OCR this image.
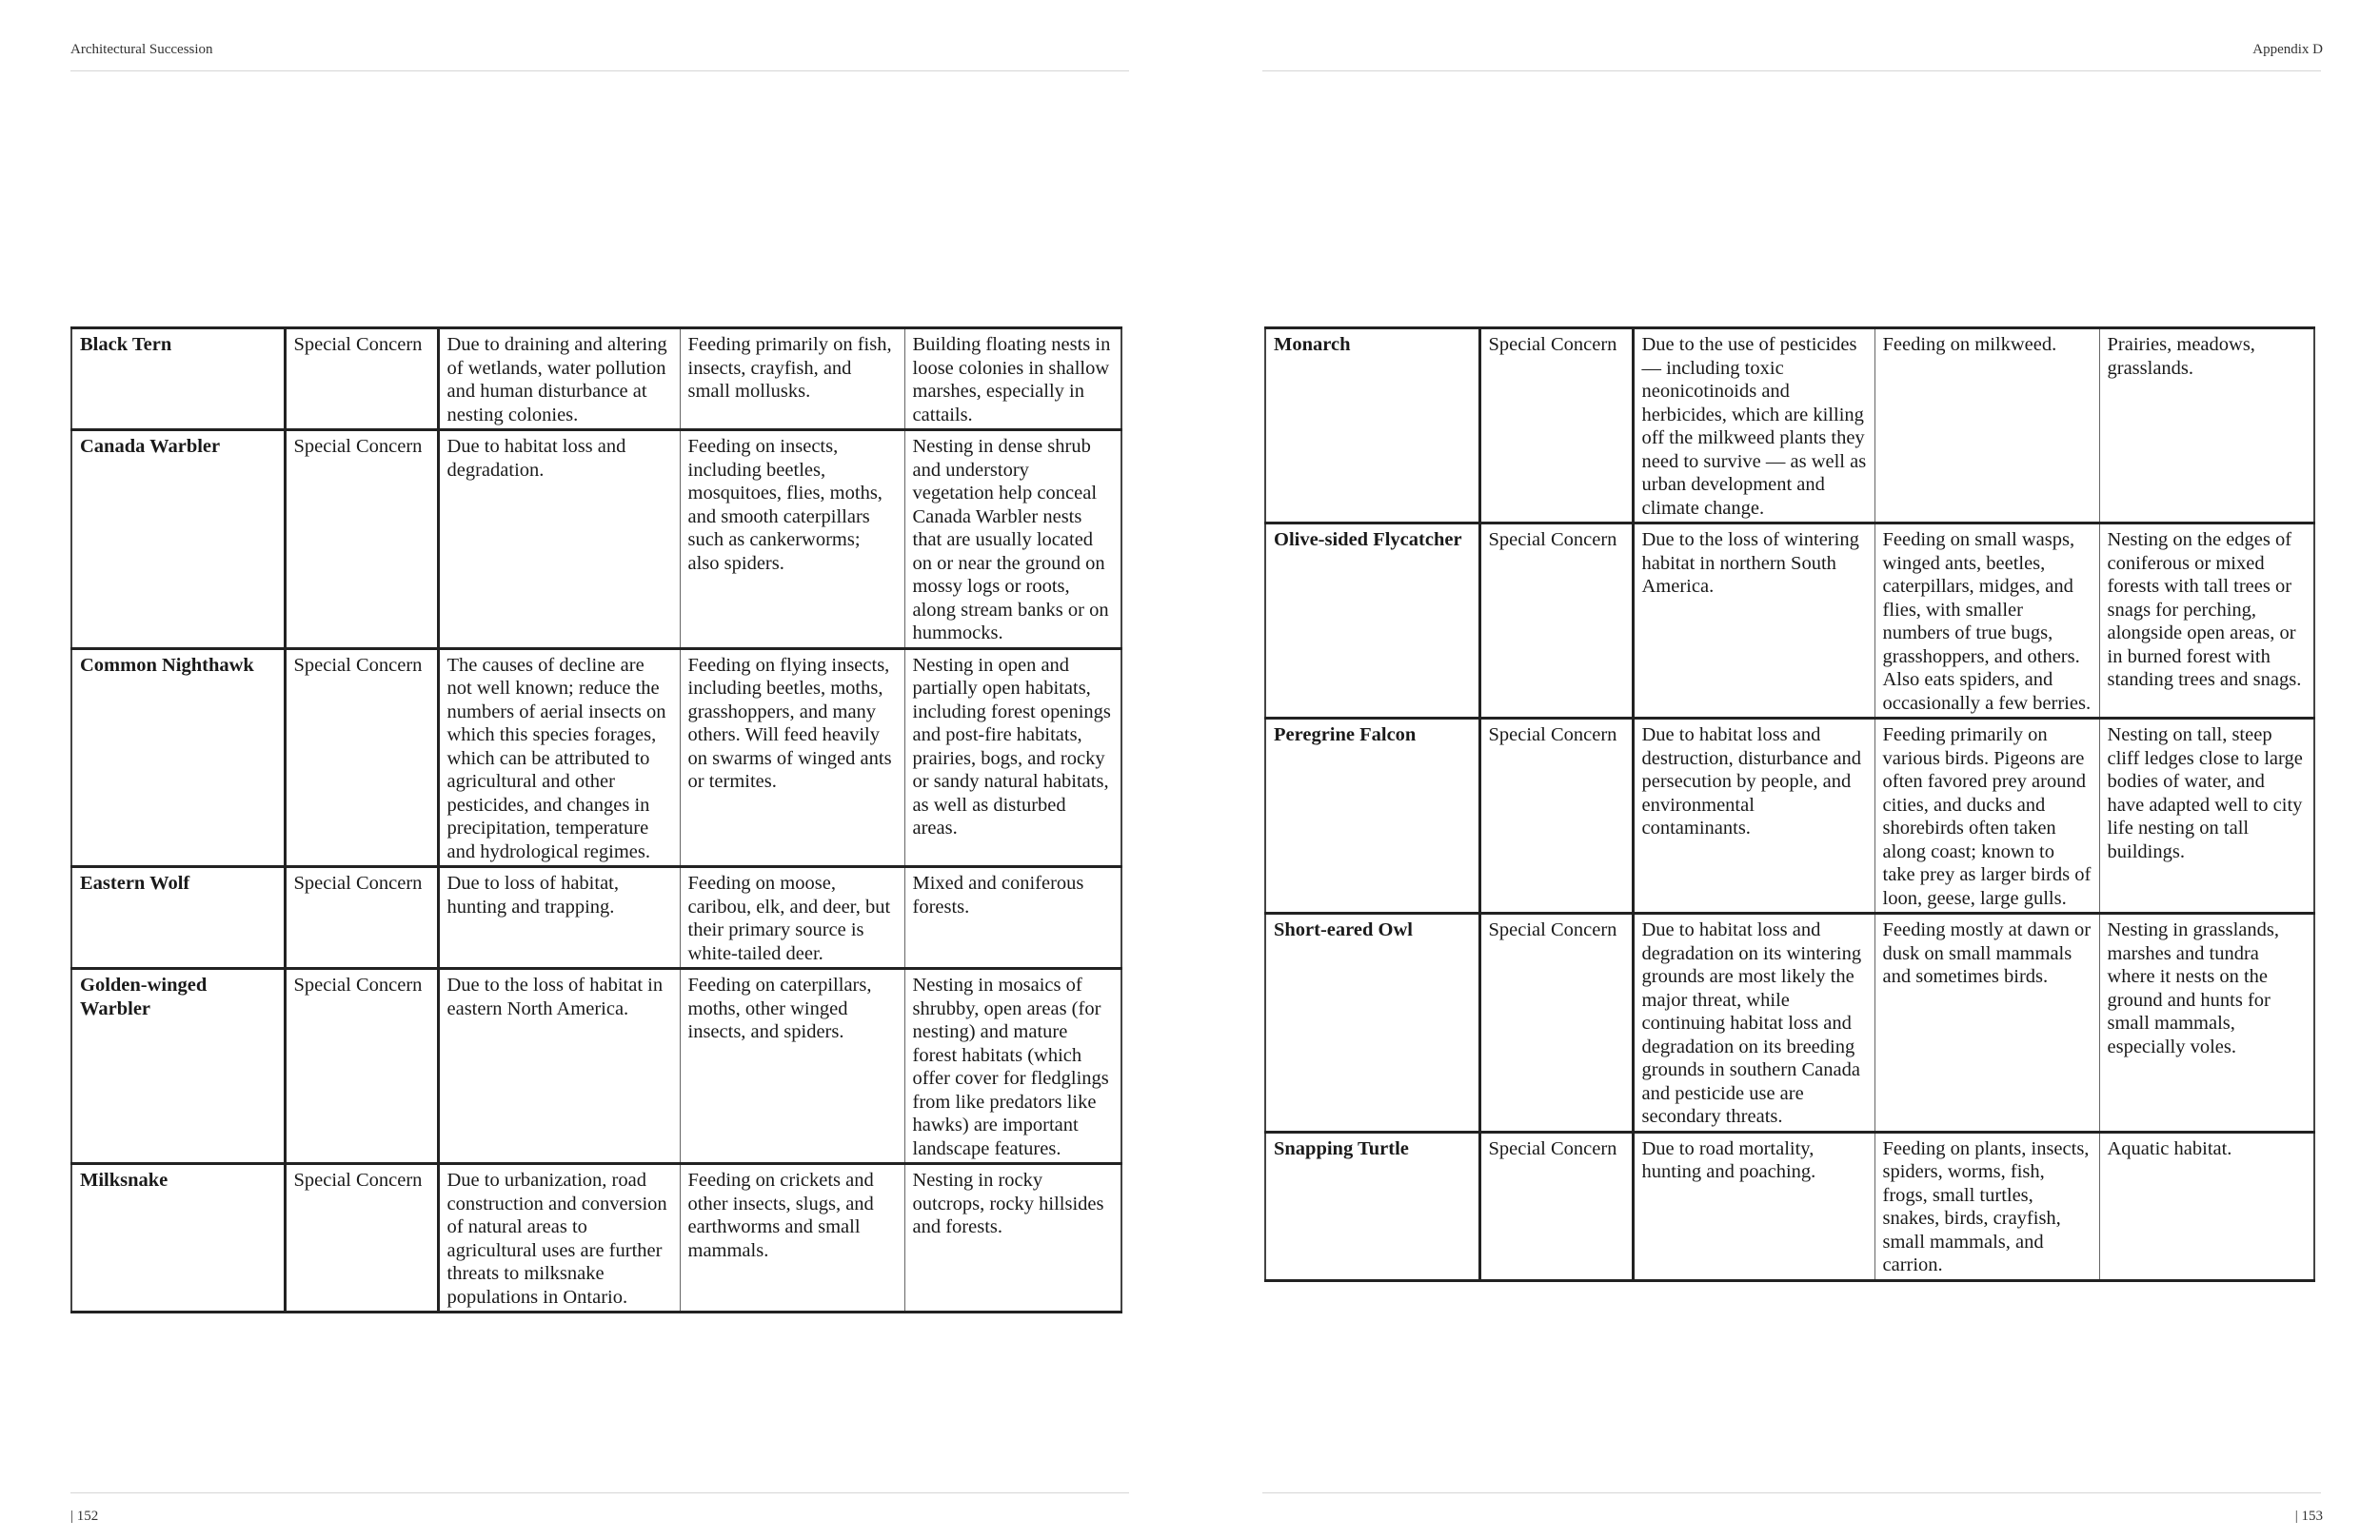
Architectural Succession	Appendix D
Black Tern	Special Concern	Due to draining and altering of wetlands, water pollution and human disturbance at nesting colonies.	Feeding primarily on fish, insects, crayfish, and small mollusks.	Building floating nests in loose colonies in shallow marshes, especially in cattails.
Canada Warbler	Special Concern	Due to habitat loss and degradation.	Feeding on insects, including beetles, mosquitoes, flies, moths, and smooth caterpillars such as cankerworms; also spiders.	Nesting in dense shrub and understory vegetation help conceal Canada Warbler nests that are usually located on or near the ground on mossy logs or roots, along stream banks or on hummocks.
Common Nighthawk	Special Concern	The causes of decline are not well known; reduce the numbers of aerial insects on which this species forages, which can be attributed to agricultural and other pesticides, and changes in precipitation, temperature and hydrological regimes.	Feeding on flying insects, including beetles, moths, grasshoppers, and many others. Will feed heavily on swarms of winged ants or termites.	Nesting in open and partially open habitats, including forest openings and post-fire habitats, prairies, bogs, and rocky or sandy natural habitats, as well as disturbed areas.
Eastern Wolf	Special Concern	Due to loss of habitat, hunting and trapping.	Feeding on moose, caribou, elk, and deer, but their primary source is white-tailed deer.	Mixed and coniferous forests.
Golden-winged Warbler	Special Concern	Due to the loss of habitat in eastern North America.	Feeding on caterpillars, moths, other winged insects, and spiders.	Nesting in mosaics of shrubby, open areas (for nesting) and mature forest habitats (which offer cover for fledglings from like predators like hawks) are important landscape features.
Milksnake	Special Concern	Due to urbanization, road construction and conversion of natural areas to agricultural uses are further threats to milksnake populations in Ontario.	Feeding on crickets and other insects, slugs, and earthworms and small mammals.	Nesting in rocky outcrops, rocky hillsides and forests.
Monarch	Special Concern	Due to the use of pesticides — including toxic neonicotinoids and herbicides, which are killing off the milkweed plants they need to survive — as well as urban development and climate change.	Feeding on milkweed.	Prairies, meadows, grasslands.
Olive-sided Flycatcher	Special Concern	Due to the loss of wintering habitat in northern South America.	Feeding on small wasps, winged ants, beetles, caterpillars, midges, and flies, with smaller numbers of true bugs, grasshoppers, and others. Also eats spiders, and occasionally a few berries.	Nesting on the edges of coniferous or mixed forests with tall trees or snags for perching, alongside open areas, or in burned forest with standing trees and snags.
Peregrine Falcon	Special Concern	Due to habitat loss and destruction, disturbance and persecution by people, and environmental contaminants.	Feeding primarily on various birds. Pigeons are often favored prey around cities, and ducks and shorebirds often taken along coast; known to take prey as larger birds of loon, geese, large gulls.	Nesting on tall, steep cliff ledges close to large bodies of water, and have adapted well to city life nesting on tall buildings.
Short-eared Owl	Special Concern	Due to habitat loss and degradation on its wintering grounds are most likely the major threat, while continuing habitat loss and degradation on its breeding grounds in southern Canada and pesticide use are secondary threats.	Feeding mostly at dawn or dusk on small mammals and sometimes birds.	Nesting in grasslands, marshes and tundra where it nests on the ground and hunts for small mammals, especially voles.
Snapping Turtle	Special Concern	Due to road mortality, hunting and poaching.	Feeding on plants, insects, spiders, worms, fish, frogs, small turtles, snakes, birds, crayfish, small mammals, and carrion.	Aquatic habitat.
| 152	| 153
